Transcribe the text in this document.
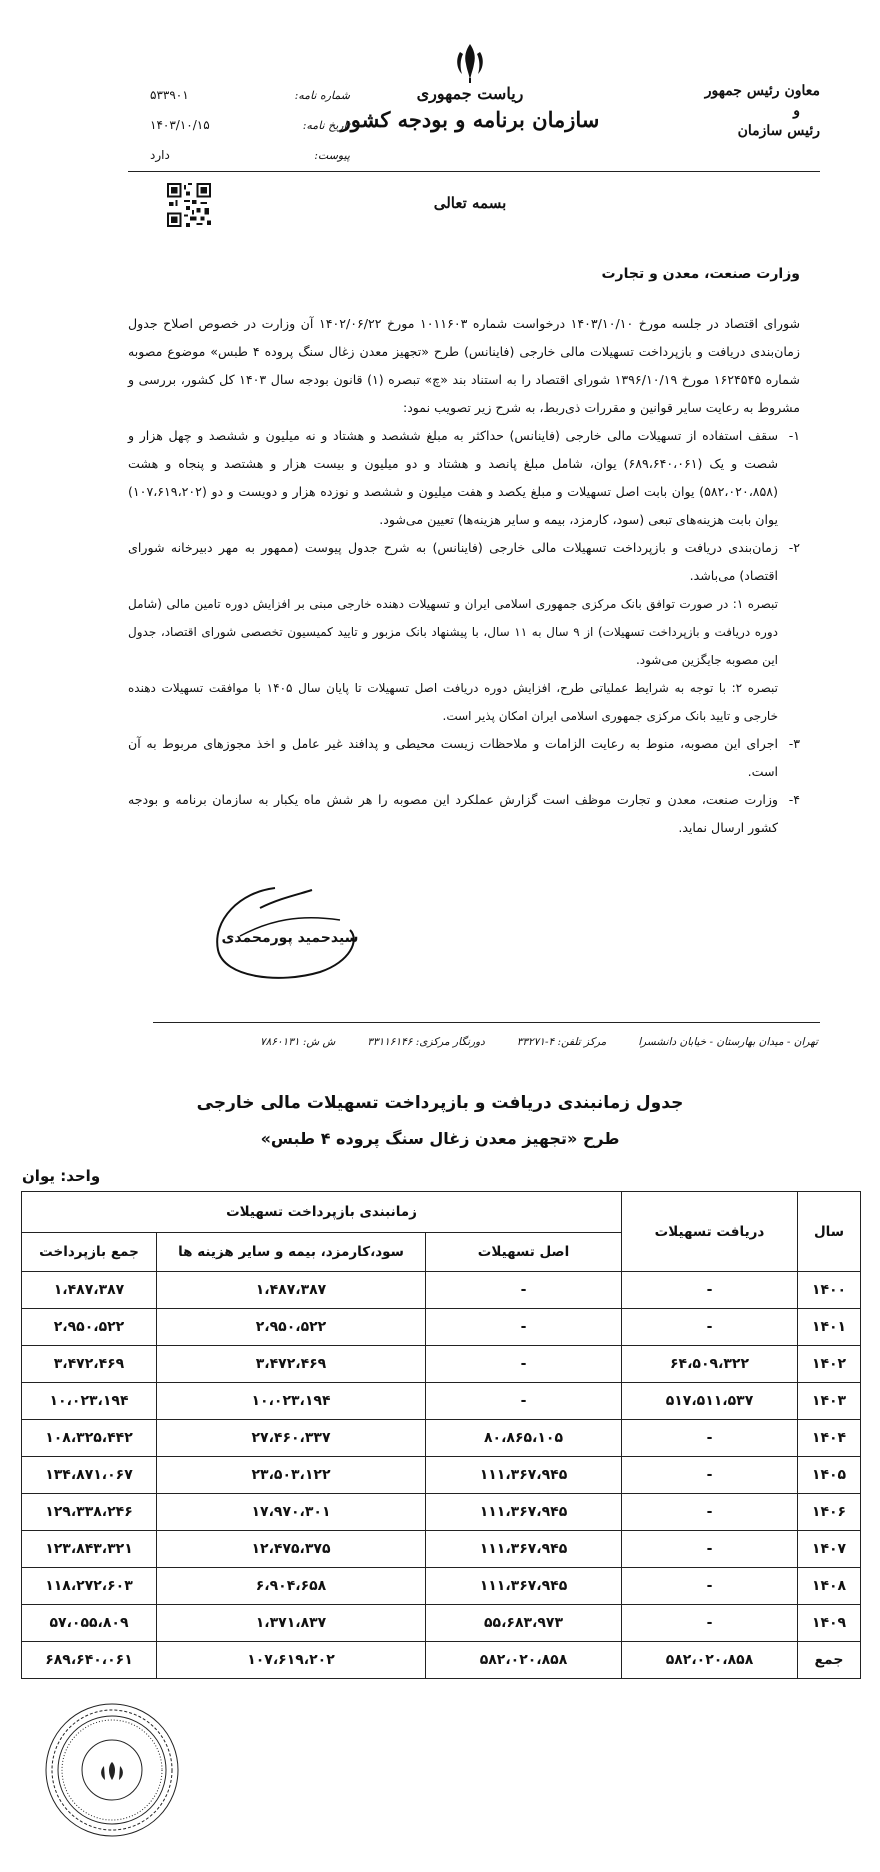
ریاست جمهوری
سازمان برنامه و بودجه کشور
معاون رئیس جمهور
و
رئیس سازمان
شماره نامه:
۵۳۳۹۰۱
تاریخ نامه:
۱۴۰۳/۱۰/۱۵
پیوست:
دارد
بسمه تعالی
وزارت صنعت، معدن و تجارت

شورای اقتصاد در جلسه مورخ ۱۴۰۳/۱۰/۱۰ درخواست شماره ۱۰۱۱۶۰۳ مورخ ۱۴۰۲/۰۶/۲۲ آن وزارت در خصوص اصلاح جدول زمان‌بندی دریافت و بازپرداخت تسهیلات مالی خارجی (فاینانس) طرح «تجهیز معدن زغال سنگ پروده ۴ طبس» موضوع مصوبه شماره ۱۶۲۴۵۴۵ مورخ ۱۳۹۶/۱۰/۱۹ شورای اقتصاد را به استناد بند «چ» تبصره (۱) قانون بودجه سال ۱۴۰۳ کل کشور، بررسی و مشروط به رعایت سایر قوانین و مقررات ذی‌ربط، به شرح زیر تصویب نمود:

۱-
سقف استفاده از تسهیلات مالی خارجی (فاینانس) حداکثر به مبلغ ششصد و هشتاد و نه میلیون و ششصد و چهل هزار و شصت و یک (۶۸۹،۶۴۰،۰۶۱) یوان، شامل مبلغ پانصد و هشتاد و دو میلیون و بیست هزار و هشتصد و پنجاه و هشت (۵۸۲،۰۲۰،۸۵۸) یوان بابت اصل تسهیلات و مبلغ یکصد و هفت میلیون و ششصد و نوزده هزار و دویست و دو (۱۰۷،۶۱۹،۲۰۲) یوان بابت هزینه‌های تبعی (سود، کارمزد، بیمه و سایر هزینه‌ها) تعیین می‌شود.
۲-
زمان‌بندی دریافت و بازپرداخت تسهیلات مالی خارجی (فاینانس) به شرح جدول پیوست (ممهور به مهر دبیرخانه شورای اقتصاد) می‌باشد.

تبصره ۱: در صورت توافق بانک مرکزی جمهوری اسلامی ایران و تسهیلات دهنده خارجی مبنی بر افزایش دوره تامین مالی (شامل دوره دریافت و بازپرداخت تسهیلات) از ۹ سال به ۱۱ سال، با پیشنهاد بانک مزبور و تایید کمیسیون تخصصی شورای اقتصاد، جدول این مصوبه جایگزین می‌شود.

تبصره ۲: با توجه به شرایط عملیاتی طرح، افزایش دوره دریافت اصل تسهیلات تا پایان سال ۱۴۰۵ با موافقت تسهیلات دهنده خارجی و تایید بانک مرکزی جمهوری اسلامی ایران امکان پذیر است.

۳-
اجرای این مصوبه، منوط به رعایت الزامات و ملاحظات زیست محیطی و پدافند غیر عامل و اخذ مجوزهای مربوط به آن است.
۴-
وزارت صنعت، معدن و تجارت موظف است گزارش عملکرد این مصوبه را هر شش ماه یکبار به سازمان برنامه و بودجه کشور ارسال نماید.
سیدحمید پورمحمدی
تهران - میدان بهارستان - خیابان دانشسرا
مرکز تلفن: ۴-۳۳۲۷۱
دورنگار مرکزی: ۳۳۱۱۶۱۴۶
ش ش: ۷۸۶۰۱۳۱
جدول زمانبندی دریافت و بازپرداخت تسهیلات مالی خارجی
طرح «تجهیز معدن زغال سنگ پروده ۴ طبس»
واحد: یوان
سال	دریافت تسهیلات	زمانبندی بازپرداخت تسهیلات		
		اصل تسهیلات	سود،کارمزد، بیمه و سایر هزینه ها	جمع بازپرداخت
۱۴۰۰	-	-	۱،۴۸۷،۳۸۷	۱،۴۸۷،۳۸۷
۱۴۰۱	-	-	۲،۹۵۰،۵۲۲	۲،۹۵۰،۵۲۲
۱۴۰۲	۶۴،۵۰۹،۳۲۲	-	۳،۴۷۲،۴۶۹	۳،۴۷۲،۴۶۹
۱۴۰۳	۵۱۷،۵۱۱،۵۳۷	-	۱۰،۰۲۳،۱۹۴	۱۰،۰۲۳،۱۹۴
۱۴۰۴	-	۸۰،۸۶۵،۱۰۵	۲۷،۴۶۰،۳۳۷	۱۰۸،۳۲۵،۴۴۲
۱۴۰۵	-	۱۱۱،۳۶۷،۹۴۵	۲۳،۵۰۳،۱۲۲	۱۳۴،۸۷۱،۰۶۷
۱۴۰۶	-	۱۱۱،۳۶۷،۹۴۵	۱۷،۹۷۰،۳۰۱	۱۲۹،۳۳۸،۲۴۶
۱۴۰۷	-	۱۱۱،۳۶۷،۹۴۵	۱۲،۴۷۵،۳۷۵	۱۲۳،۸۴۳،۳۲۱
۱۴۰۸	-	۱۱۱،۳۶۷،۹۴۵	۶،۹۰۴،۶۵۸	۱۱۸،۲۷۲،۶۰۳
۱۴۰۹	-	۵۵،۶۸۳،۹۷۳	۱،۳۷۱،۸۳۷	۵۷،۰۵۵،۸۰۹
جمع	۵۸۲،۰۲۰،۸۵۸	۵۸۲،۰۲۰،۸۵۸	۱۰۷،۶۱۹،۲۰۲	۶۸۹،۶۴۰،۰۶۱
